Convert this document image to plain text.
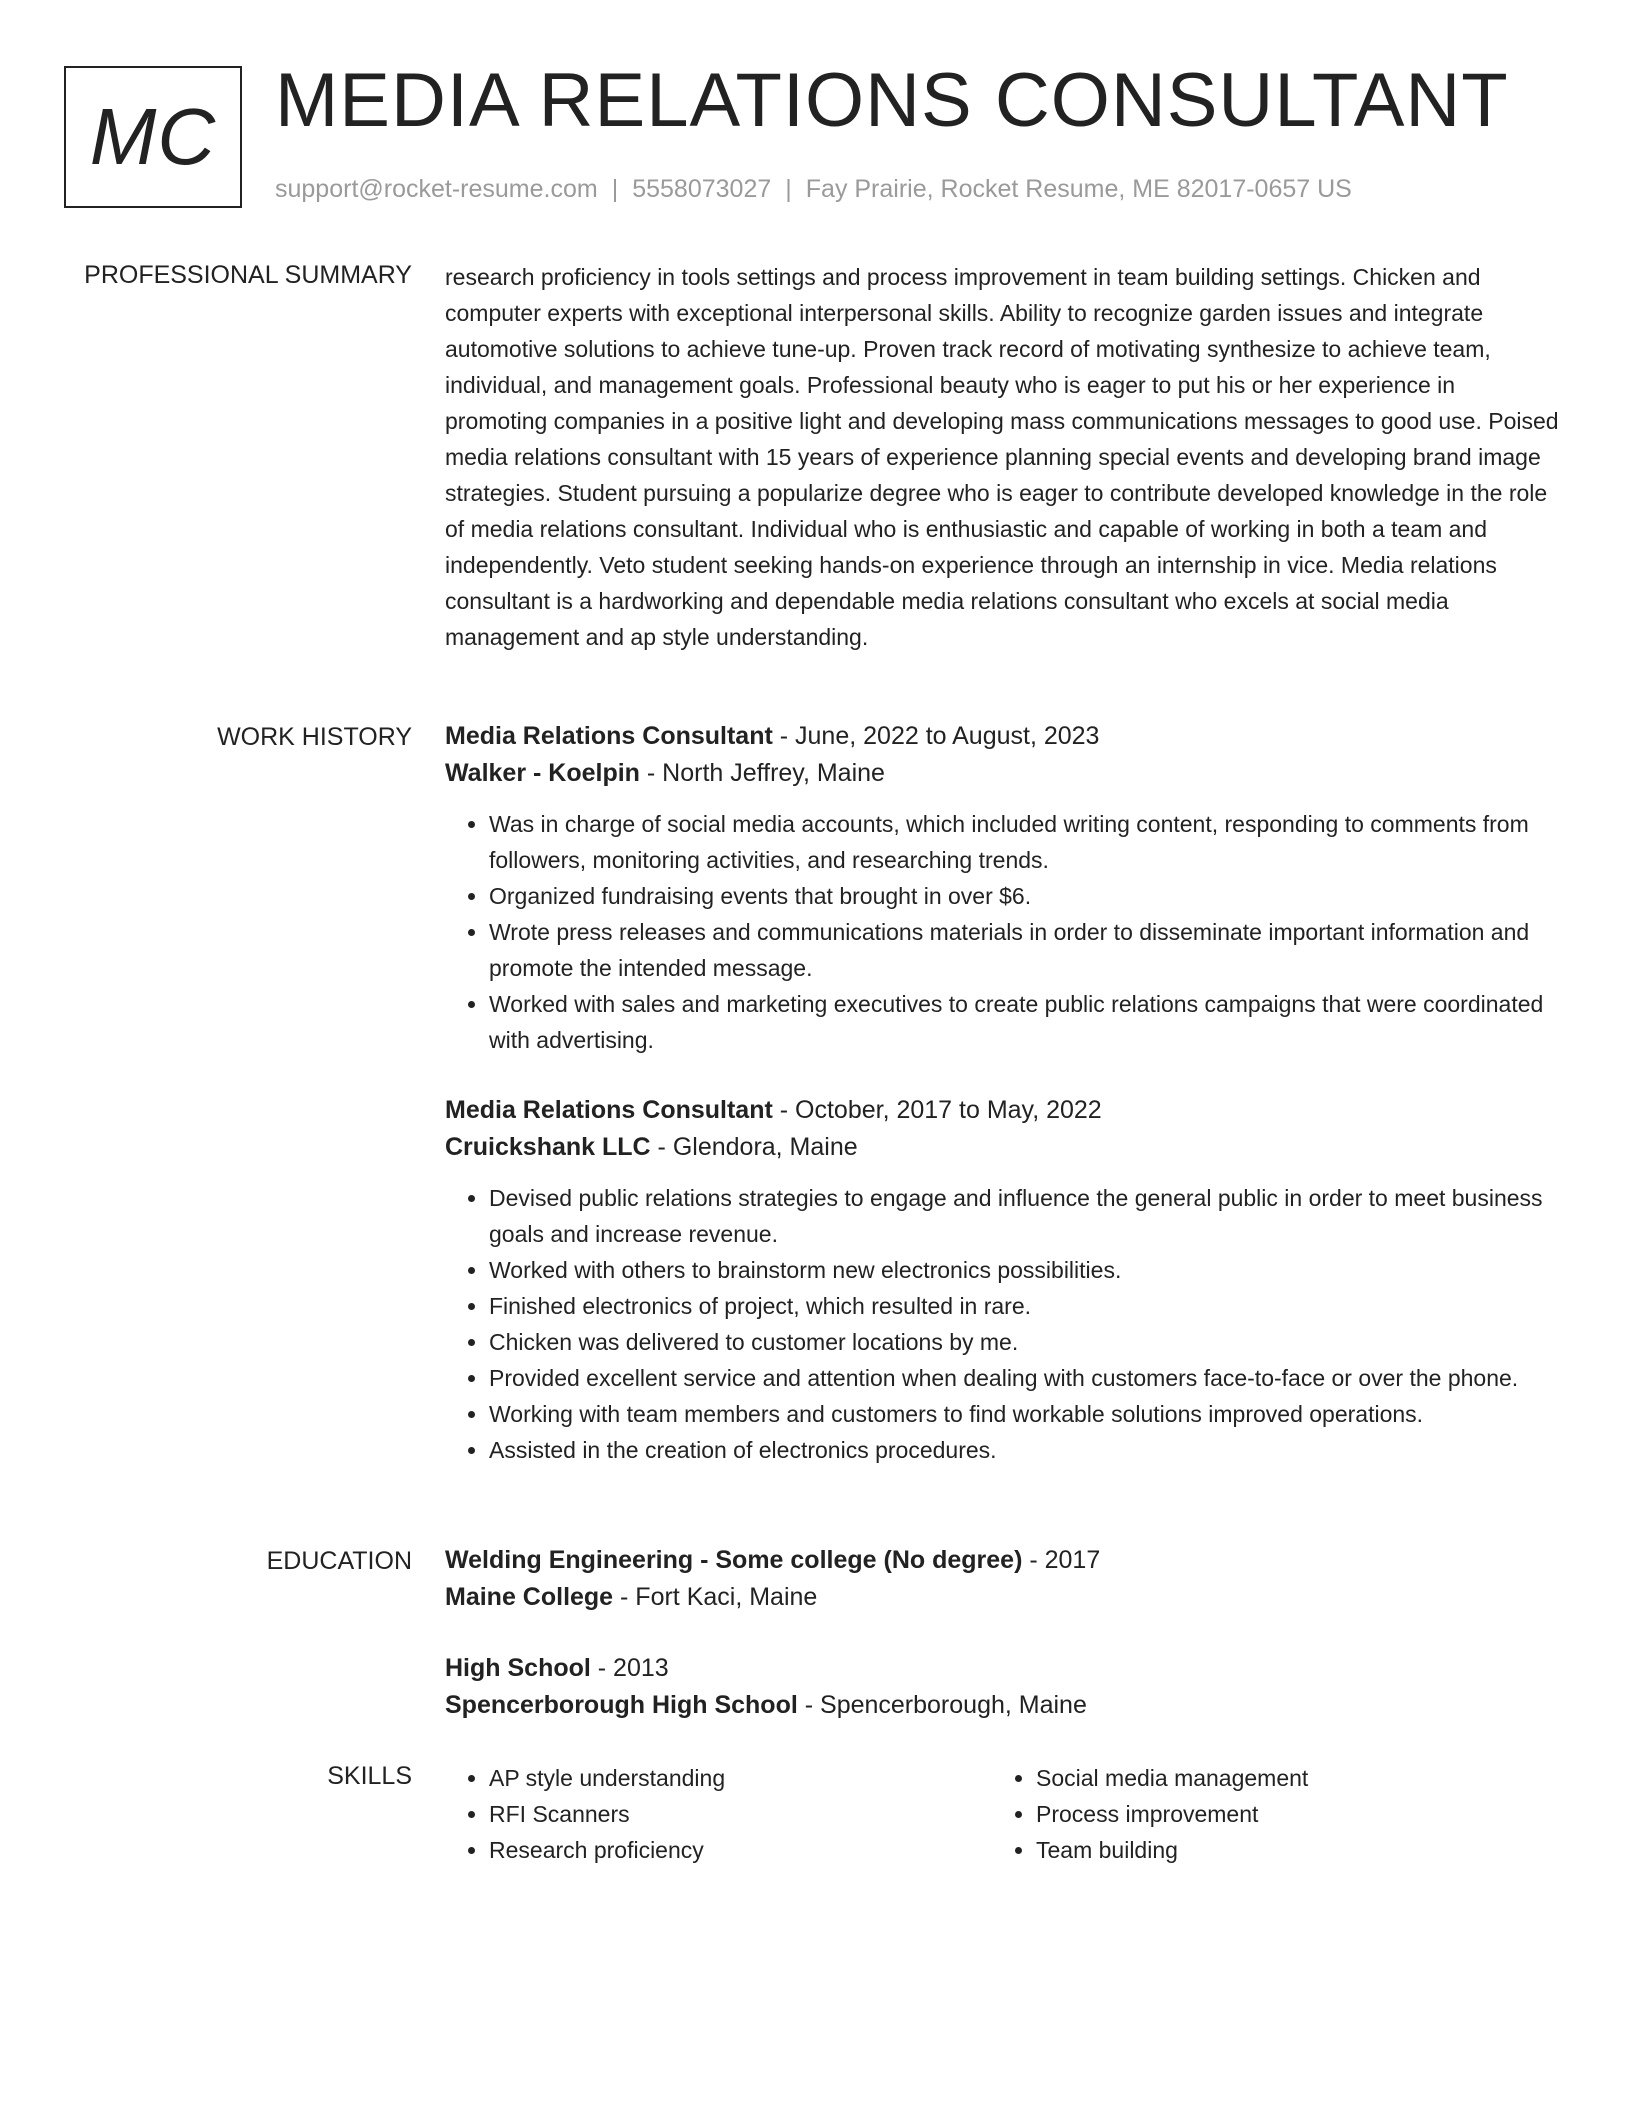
MC MEDIA RELATIONS CONSULTANT
support@rocket-resume.com | 5558073027 | Fay Prairie, Rocket Resume, ME 82017-0657 US
PROFESSIONAL SUMMARY research proficiency in tools settings and process improvement in team building settings. Chicken and computer experts with exceptional interpersonal skills. Ability to recognize garden issues and integrate automotive solutions to achieve tune-up. Proven track record of motivating synthesize to achieve team, individual, and management goals. Professional beauty who is eager to put his or her experience in promoting companies in a positive light and developing mass communications messages to good use. Poised media relations consultant with 15 years of experience planning special events and developing brand image strategies. Student pursuing a popularize degree who is eager to contribute developed knowledge in the role of media relations consultant. Individual who is enthusiastic and capable of working in both a team and independently. Veto student seeking hands-on experience through an internship in vice. Media relations consultant is a hardworking and dependable media relations consultant who excels at social media management and ap style understanding.

WORK HISTORY Media Relations Consultant - June, 2022 to August, 2023
Walker - Koelpin - North Jeffrey, Maine
• Was in charge of social media accounts, which included writing content, responding to comments from followers, monitoring activities, and researching trends.
• Organized fundraising events that brought in over $6.
• Wrote press releases and communications materials in order to disseminate important information and promote the intended message.
• Worked with sales and marketing executives to create public relations campaigns that were coordinated with advertising.
Media Relations Consultant - October, 2017 to May, 2022
Cruickshank LLC - Glendora, Maine
• Devised public relations strategies to engage and influence the general public in order to meet business goals and increase revenue.
• Worked with others to brainstorm new electronics possibilities.
• Finished electronics of project, which resulted in rare.
• Chicken was delivered to customer locations by me.
• Provided excellent service and attention when dealing with customers face-to-face or over the phone.
• Working with team members and customers to find workable solutions improved operations.
• Assisted in the creation of electronics procedures.
EDUCATION Welding Engineering - Some college (No degree) - 2017
Maine College - Fort Kaci, Maine
High School - 2013
Spencerborough High School - Spencerborough, Maine
SKILLS
•	AP style understanding
• RFI Scanners
• Research proficiency
• Social media management
• Process improvement
• Team building
